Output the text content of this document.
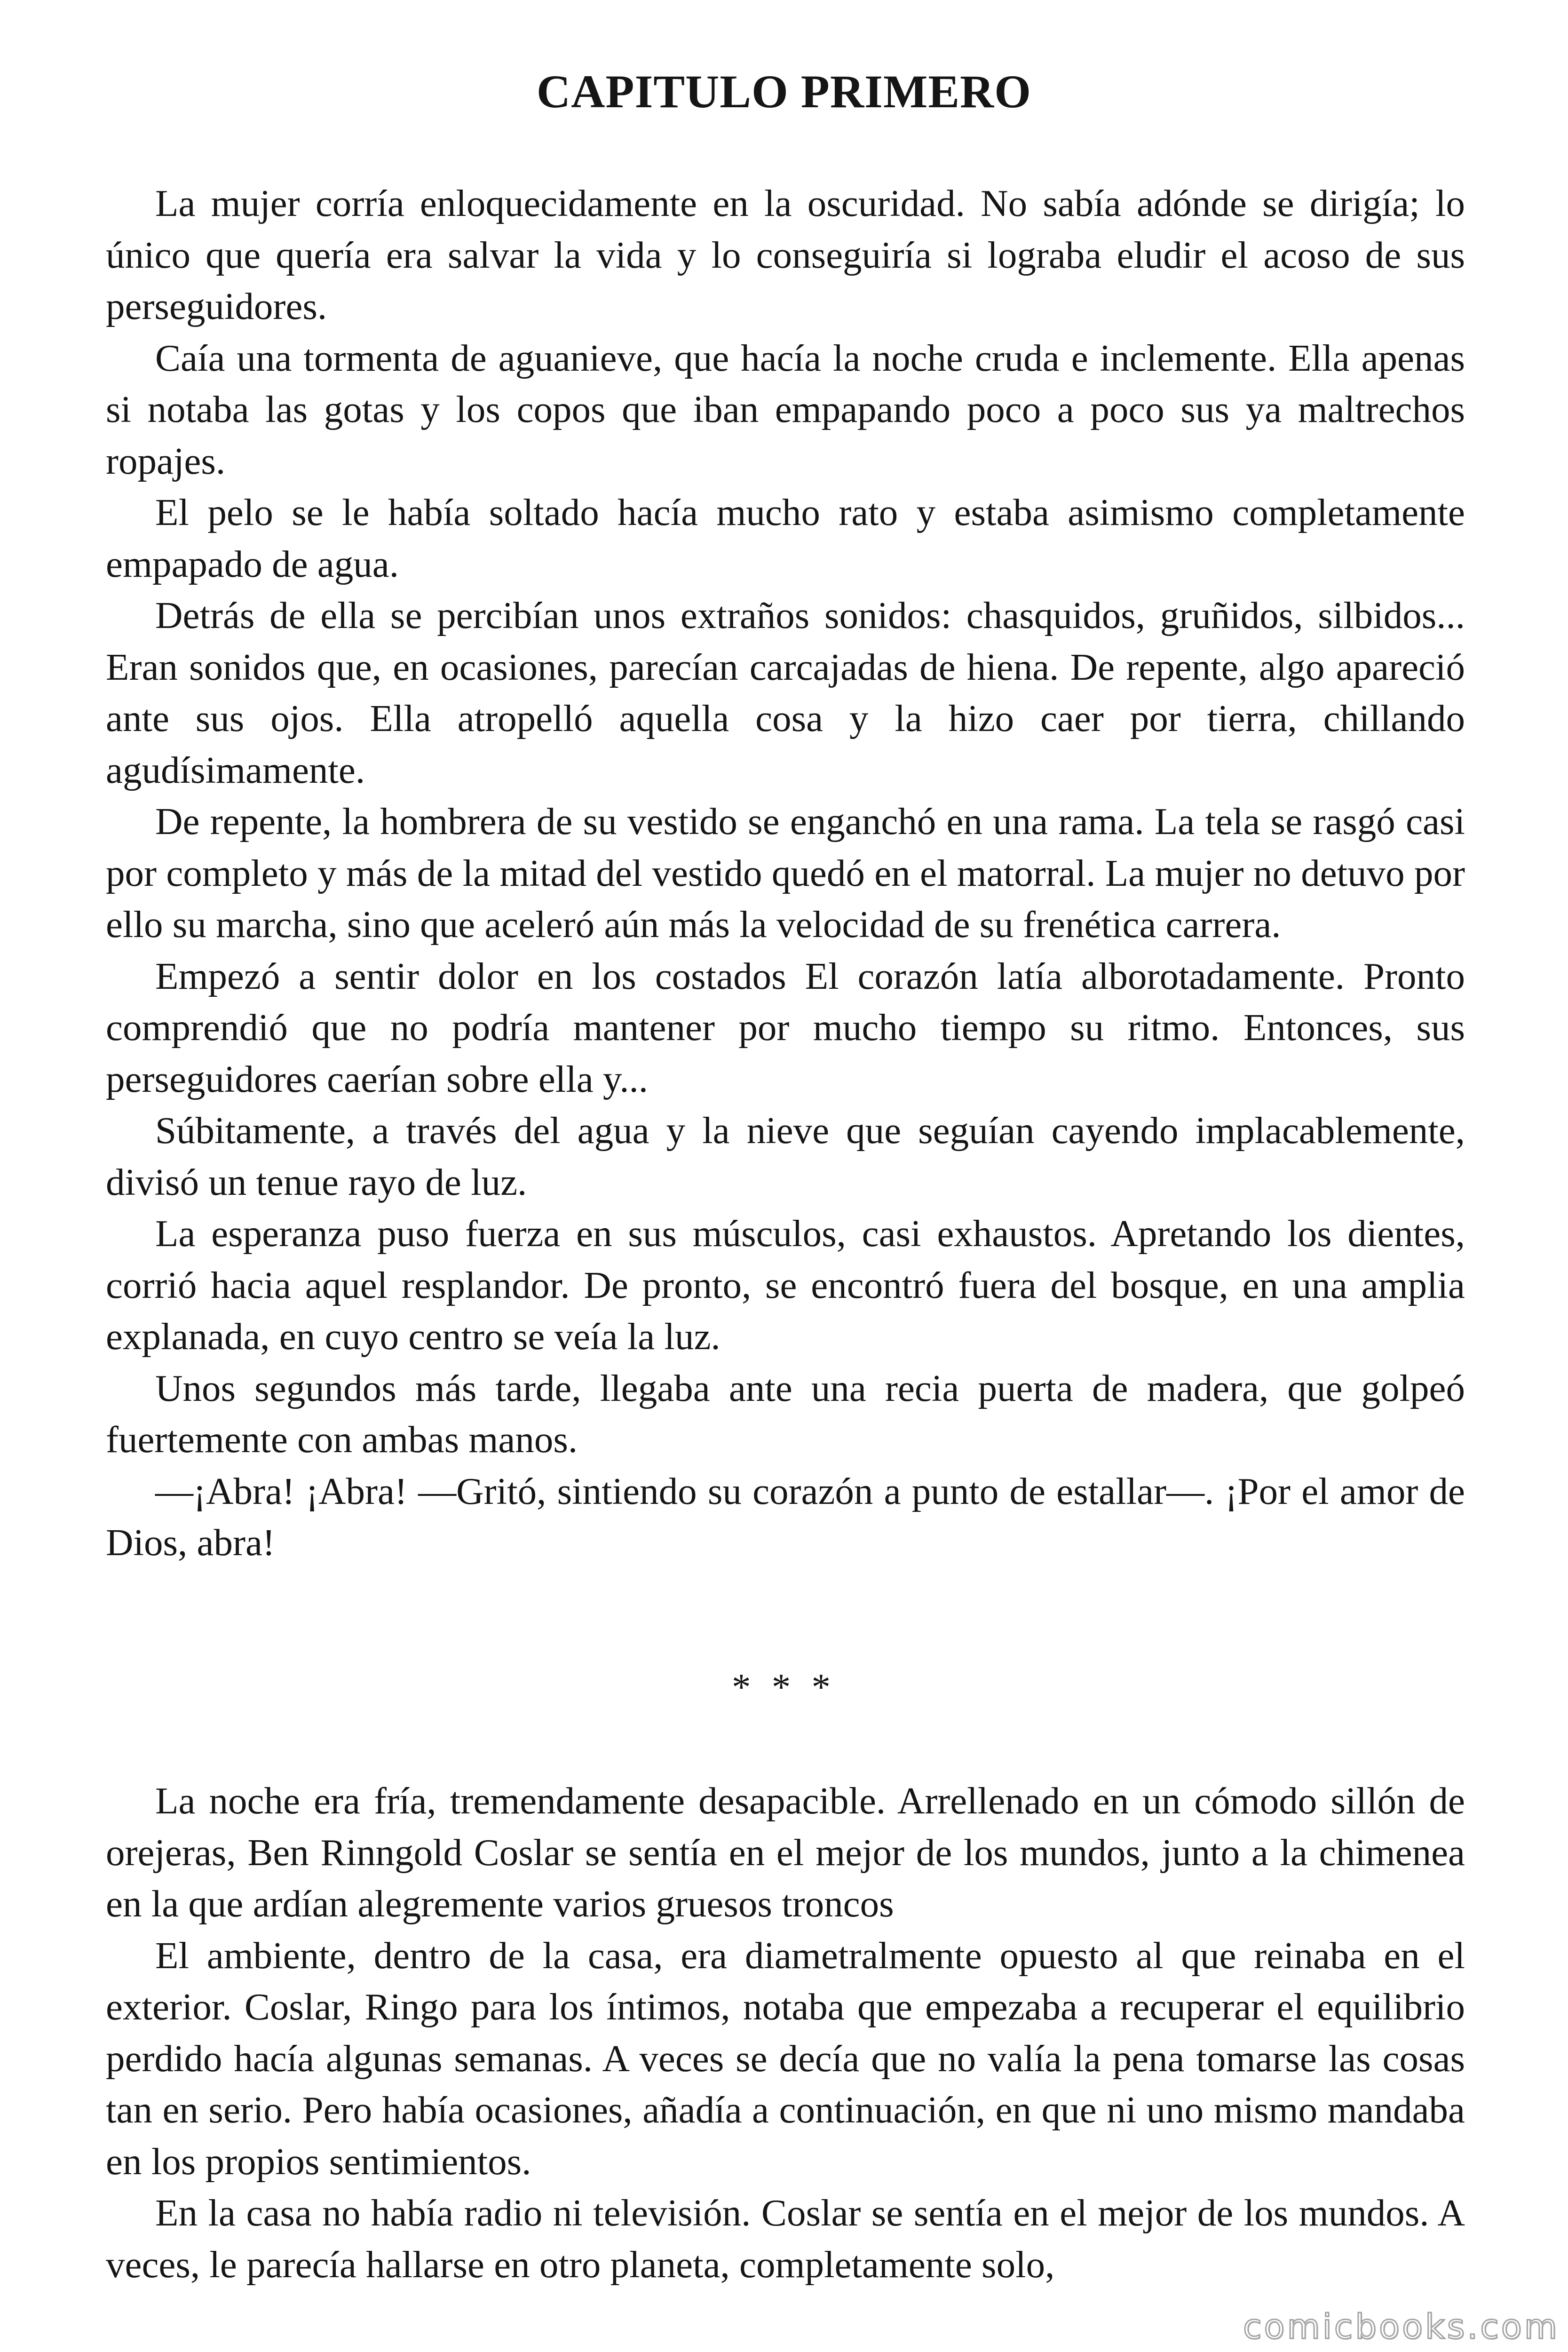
CAPITULO PRIMERO

La mujer corría enloquecidamente en la oscuridad. No sabía adónde se dirigía; lo único que quería era salvar la vida y lo conseguiría si lograba eludir el acoso de sus perseguidores.

Caía una tormenta de aguanieve, que hacía la noche cruda e inclemente. Ella apenas si notaba las gotas y los copos que iban empapando poco a poco sus ya maltrechos ropajes.

El pelo se le había soltado hacía mucho rato y estaba asimismo completamente empapado de agua.

Detrás de ella se percibían unos extraños sonidos: chasquidos, gruñidos, silbidos... Eran sonidos que, en ocasiones, parecían carcajadas de hiena. De repente, algo apareció ante sus ojos. Ella atropelló aquella cosa y la hizo caer por tierra, chillando agudísimamente.

De repente, la hombrera de su vestido se enganchó en una rama. La tela se rasgó casi por completo y más de la mitad del vestido quedó en el matorral. La mujer no detuvo por ello su marcha, sino que aceleró aún más la velocidad de su frenética carrera.

Empezó a sentir dolor en los costados El corazón latía alborotadamente. Pronto comprendió que no podría mantener por mucho tiempo su ritmo. Entonces, sus perseguidores caerían sobre ella y...

Súbitamente, a través del agua y la nieve que seguían cayendo implacablemente, divisó un tenue rayo de luz.

La esperanza puso fuerza en sus músculos, casi exhaustos. Apretando los dientes, corrió hacia aquel resplandor. De pronto, se encontró fuera del bosque, en una amplia explanada, en cuyo centro se veía la luz.

Unos segundos más tarde, llegaba ante una recia puerta de madera, que golpeó fuertemente con ambas manos.

—¡Abra! ¡Abra! —Gritó, sintiendo su corazón a punto de estallar—. ¡Por el amor de Dios, abra!

* * *

La noche era fría, tremendamente desapacible. Arrellenado en un cómodo sillón de orejeras, Ben Rinngold Coslar se sentía en el mejor de los mundos, junto a la chimenea en la que ardían alegremente varios gruesos troncos

El ambiente, dentro de la casa, era diametralmente opuesto al que reinaba en el exterior. Coslar, Ringo para los íntimos, notaba que empezaba a recuperar el equilibrio perdido hacía algunas semanas. A veces se decía que no valía la pena tomarse las cosas tan en serio. Pero había ocasiones, añadía a continuación, en que ni uno mismo mandaba en los propios sentimientos.

En la casa no había radio ni televisión. Coslar se sentía en el mejor de los mundos. A veces, le parecía hallarse en otro planeta, completamente solo,

comicbooks.com
